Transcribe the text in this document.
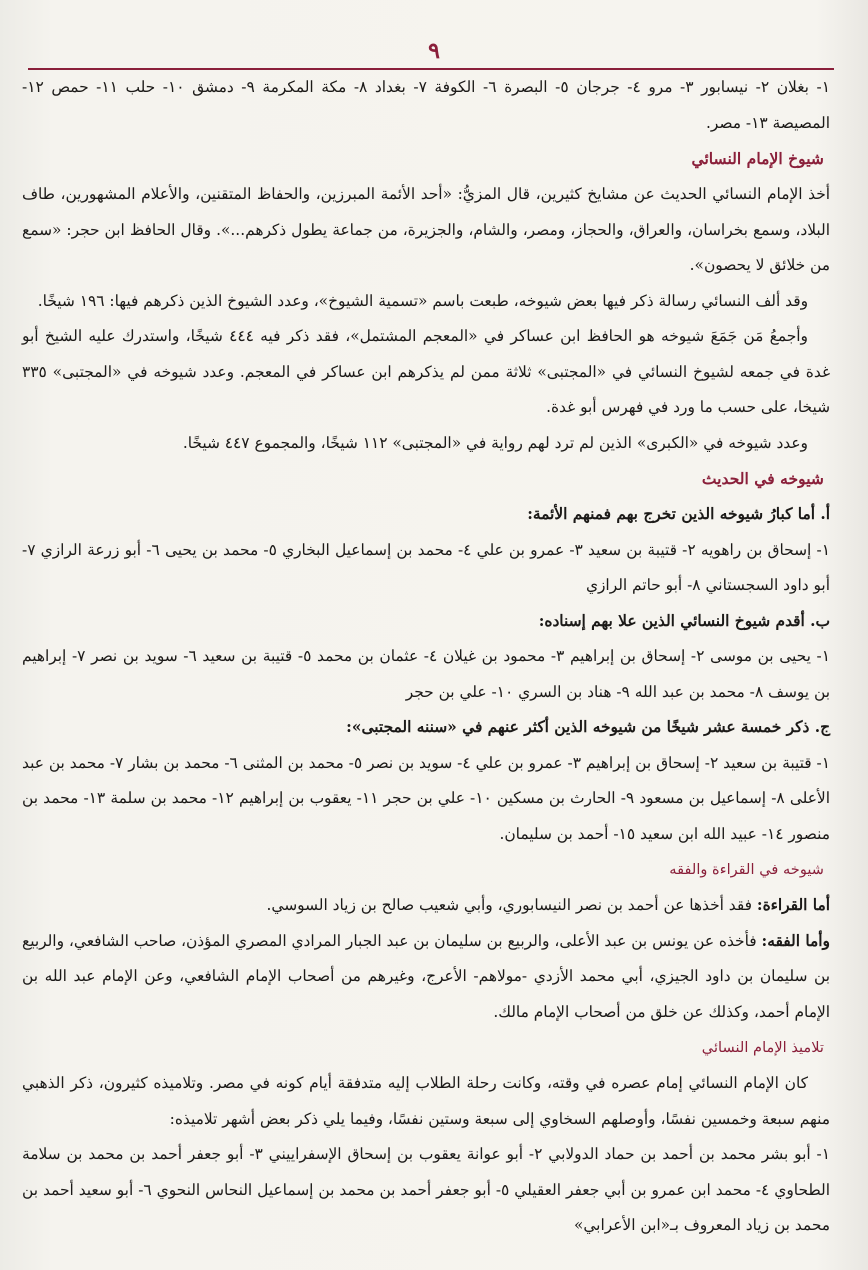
٩

١- بغلان ٢- نيسابور ٣- مرو ٤- جرجان ٥- البصرة ٦- الكوفة ٧- بغداد ٨- مكة المكرمة ٩- دمشق ١٠- حلب ١١- حمص ١٢- المصيصة ١٣- مصر.

شيوخ الإمام النسائي

أخذ الإمام النسائي الحديث عن مشايخ كثيرين، قال المزيُّ: «أحد الأئمة المبرزين، والحفاظ المتقنين، والأعلام المشهورين، طاف البلاد، وسمع بخراسان، والعراق، والحجاز، ومصر، والشام، والجزيرة، من جماعة يطول ذكرهم...». وقال الحافظ ابن حجر: «سمع من خلائق لا يحصون».

وقد ألف النسائي رسالة ذكر فيها بعض شيوخه، طبعت باسم «تسمية الشيوخ»، وعدد الشيوخ الذين ذكرهم فيها: ١٩٦ شيخًا.

وأجمعُ مَن جَمَعَ شيوخه هو الحافظ ابن عساكر في «المعجم المشتمل»، فقد ذكر فيه ٤٤٤ شيخًا، واستدرك عليه الشيخ أبو غدة في جمعه لشيوخ النسائي في «المجتبى» ثلاثة ممن لم يذكرهم ابن عساكر في المعجم. وعدد شيوخه في «المجتبى» ٣٣٥ شيخا، على حسب ما ورد في فهرس أبو غدة.

وعدد شيوخه في «الكبرى» الذين لم ترد لهم رواية في «المجتبى» ١١٢ شيخًا، والمجموع ٤٤٧ شيخًا.

شيوخه في الحديث

أ. أما كبارُ شيوخه الذين تخرج بهم فمنهم الأئمة:

١- إسحاق بن راهويه ٢- قتيبة بن سعيد ٣- عمرو بن علي ٤- محمد بن إسماعيل البخاري ٥- محمد بن يحيى ٦- أبو زرعة الرازي ٧- أبو داود السجستاني ٨- أبو حاتم الرازي

ب. أقدم شيوخ النسائي الذين علا بهم إسناده:

١- يحيى بن موسى ٢- إسحاق بن إبراهيم ٣- محمود بن غيلان ٤- عثمان بن محمد ٥- قتيبة بن سعيد ٦- سويد بن نصر ٧- إبراهيم بن يوسف ٨- محمد بن عبد الله ٩- هناد بن السري ١٠- علي بن حجر

ج. ذكر خمسة عشر شيخًا من شيوخه الذين أكثر عنهم في «سننه المجتبى»:

١- قتيبة بن سعيد ٢- إسحاق بن إبراهيم ٣- عمرو بن علي ٤- سويد بن نصر ٥- محمد بن المثنى ٦- محمد بن بشار ٧- محمد بن عبد الأعلى ٨- إسماعيل بن مسعود ٩- الحارث بن مسكين ١٠- علي بن حجر ١١- يعقوب بن إبراهيم ١٢- محمد بن سلمة ١٣- محمد بن منصور ١٤- عبيد الله ابن سعيد ١٥- أحمد بن سليمان.

شيوخه في القراءة والفقه

أما القراءة: فقد أخذها عن أحمد بن نصر النيسابوري، وأبي شعيب صالح بن زياد السوسي.

وأما الفقه: فأخذه عن يونس بن عبد الأعلى، والربيع بن سليمان بن عبد الجبار المرادي المصري المؤذن، صاحب الشافعي، والربيع بن سليمان بن داود الجيزي، أبي محمد الأزدي -مولاهم- الأعرج، وغيرهم من أصحاب الإمام الشافعي، وعن الإمام عبد الله بن الإمام أحمد، وكذلك عن خلق من أصحاب الإمام مالك.

تلاميذ الإمام النسائي

كان الإمام النسائي إمام عصره في وقته، وكانت رحلة الطلاب إليه متدفقة أيام كونه في مصر. وتلاميذه كثيرون، ذكر الذهبي منهم سبعة وخمسين نفسًا، وأوصلهم السخاوي إلى سبعة وستين نفسًا، وفيما يلي ذكر بعض أشهر تلاميذه:

١- أبو بشر محمد بن أحمد بن حماد الدولابي ٢- أبو عوانة يعقوب بن إسحاق الإسفراييني ٣- أبو جعفر أحمد بن محمد بن سلامة الطحاوي ٤- محمد ابن عمرو بن أبي جعفر العقيلي ٥- أبو جعفر أحمد بن محمد بن إسماعيل النحاس النحوي ٦- أبو سعيد أحمد بن محمد بن زياد المعروف بـ«ابن الأعرابي»
